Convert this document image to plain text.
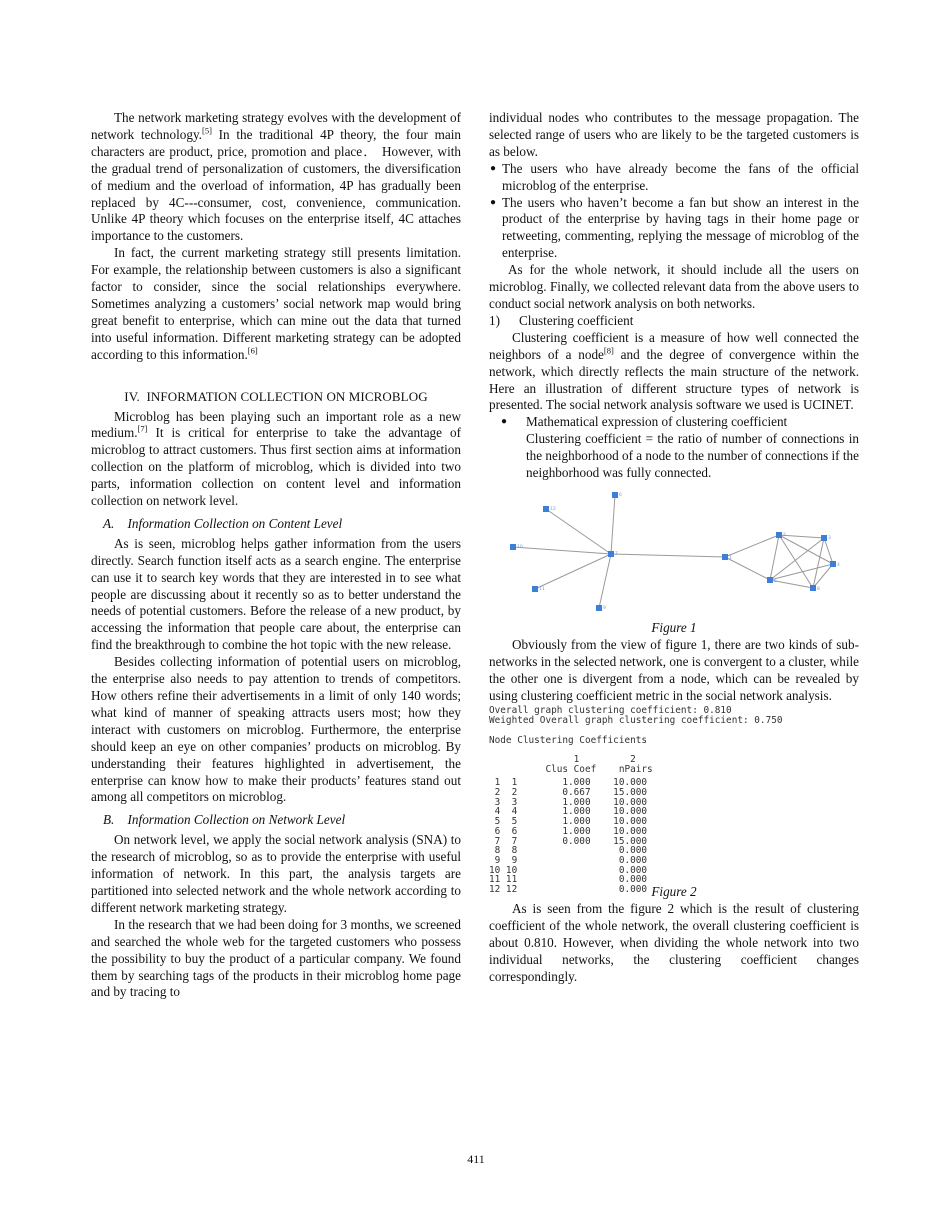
The network marketing strategy evolves with the development of network technology.[5] In the traditional 4P theory, the four main characters are product, price, promotion and place． However, with the gradual trend of personalization of customers, the diversification of medium and the overload of information, 4P has gradually been replaced by 4C---consumer, cost, convenience, communication. Unlike 4P theory which focuses on the enterprise itself, 4C attaches importance to the customers.

In fact, the current marketing strategy still presents limitation. For example, the relationship between customers is also a significant factor to consider, since the social relationships everywhere. Sometimes analyzing a customers’ social network map would bring great benefit to enterprise, which can mine out the data that turned into useful information. Different marketing strategy can be adopted according to this information.[6]

IV. INFORMATION COLLECTION ON MICROBLOG

Microblog has been playing such an important role as a new medium.[7] It is critical for enterprise to take the advantage of microblog to attract customers. Thus first section aims at information collection on the platform of microblog, which is divided into two parts, information collection on content level and information collection on network level.

A. Information Collection on Content Level

As is seen, microblog helps gather information from the users directly. Search function itself acts as a search engine. The enterprise can use it to search key words that they are interested in to see what people are discussing about it recently so as to better understand the needs of potential customers. Before the release of a new product, by accessing the information that people care about, the enterprise can find the breakthrough to combine the hot topic with the new release.

Besides collecting information of potential users on microblog, the enterprise also needs to pay attention to trends of competitors. How others refine their advertisements in a limit of only 140 words; what kind of manner of speaking attracts users most; how they interact with customers on microblog. Furthermore, the enterprise should keep an eye on other companies’ products on microblog. By understanding their features highlighted in advertisement, the enterprise can know how to make their products’ features stand out among all competitors on microblog.

B. Information Collection on Network Level

On network level, we apply the social network analysis (SNA) to the research of microblog, so as to provide the enterprise with useful information of network. In this part, the analysis targets are partitioned into selected network and the whole network according to different network marketing strategy.

In the research that we had been doing for 3 months, we screened and searched the whole web for the targeted customers who possess the possibility to buy the product of a particular company. We found them by searching tags of the products in their microblog home page and by tracing to

individual nodes who contributes to the message propagation. The selected range of users who are likely to be the targeted customers is as below.

● The users who have already become the fans of the official microblog of the enterprise.
● The users who haven’t become a fan but show an interest in the product of the enterprise by having tags in their home page or retweeting, commenting, replying the message of microblog of the enterprise.

As for the whole network, it should include all the users on microblog. Finally, we collected relevant data from the above users to conduct social network analysis on both networks.

1)	Clustering coefficient

Clustering coefficient is a measure of how well connected the neighbors of a node[8] and the degree of convergence within the network, which directly reflects the main structure of the network. Here an illustration of different structure types of network is presented. The social network analysis software we used is UCINET.

● Mathematical expression of clustering coefficient

Clustering coefficient = the ratio of number of connections in the neighborhood of a node to the number of connections if the neighborhood was fully connected.

12
6
10
11
9
7
1
2
3
4
5
8
Figure 1

Obviously from the view of figure 1, there are two kinds of sub-networks in the selected network, one is convergent to a cluster, while the other one is divergent from a node, which can be revealed by using clustering coefficient metric in the social network analysis.

Overall graph clustering coefficient: 0.810
Weighted Overall graph clustering coefficient: 0.750
Node Clustering Coefficients
1         2
Clus Coef    nPairs
1  1        1.000    10.000
2  2        0.667    15.000
3  3        1.000    10.000
4  4        1.000    10.000
5  5        1.000    10.000
6  6        1.000    10.000
7  7        0.000    15.000
8  8                  0.000
9  9                  0.000
10 10                  0.000
11 11                  0.000
12 12                  0.000 Figure 2

As is seen from the figure 2 which is the result of clustering coefficient of the whole network, the overall clustering coefficient is about 0.810. However, when dividing the whole network into two individual networks, the clustering coefficient changes correspondingly.

411
